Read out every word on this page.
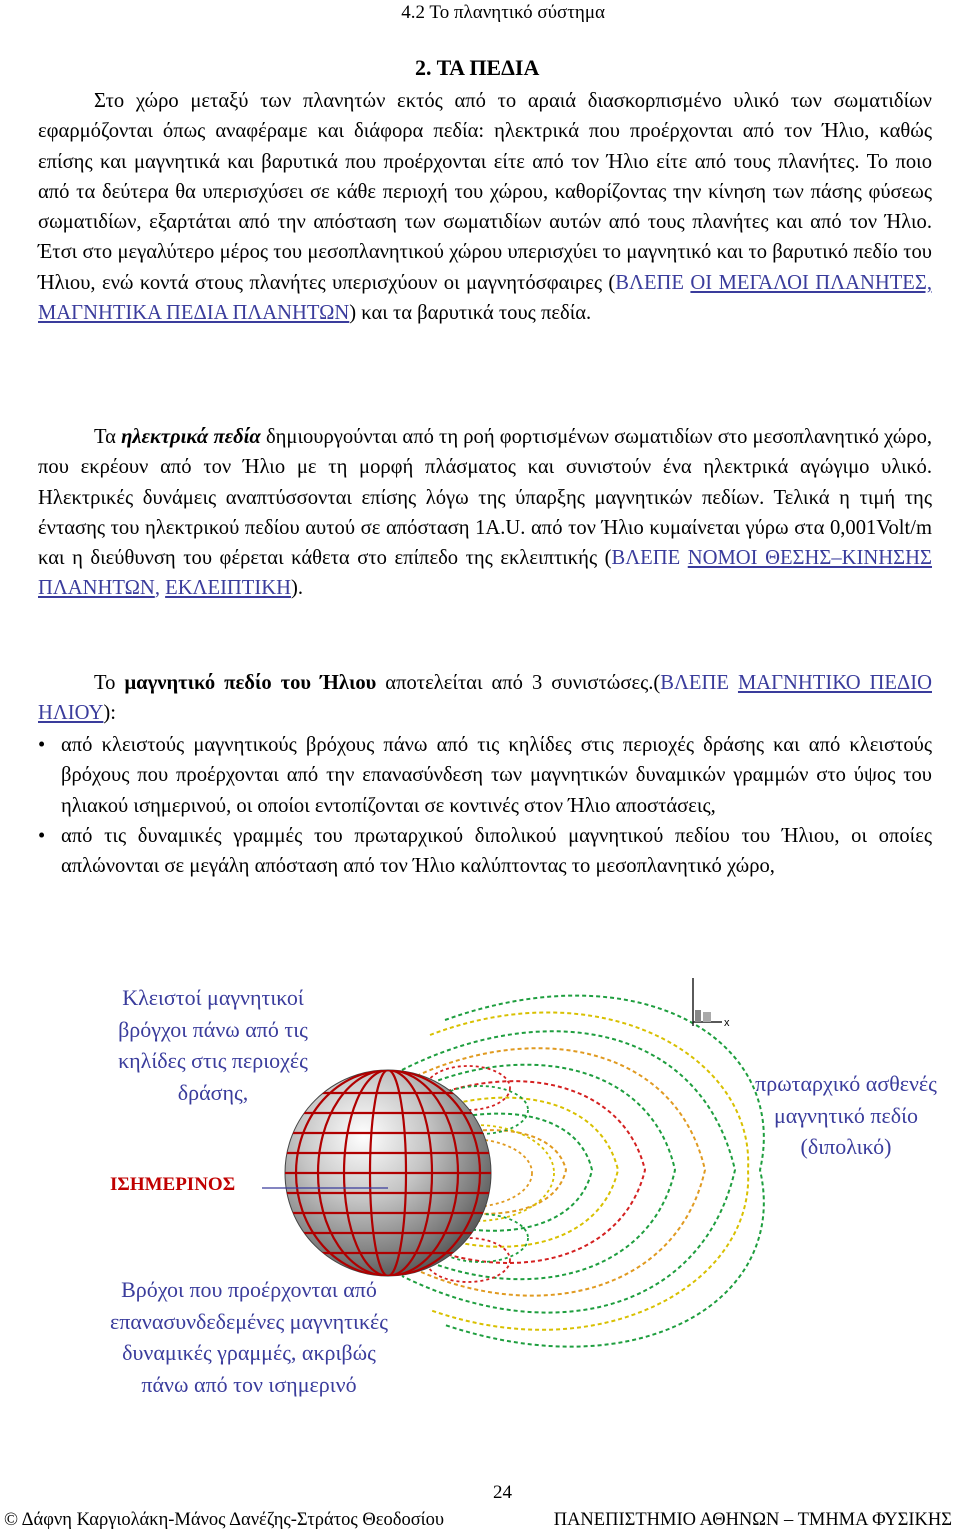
4.2 Το πλανητικό σύστημα
2. ΤΑ ΠΕΔΙΑ
Στο χώρο μεταξύ των πλανητών εκτός από το αραιά διασκορπισμένο υλικό των σωματιδίων εφαρμόζονται όπως αναφέραμε και διάφορα πεδία: ηλεκτρικά που προέρχονται από τον Ήλιο, καθώς επίσης και μαγνητικά και βαρυτικά που προέρχονται είτε από τον Ήλιο είτε από τους πλανήτες. Το ποιο από τα δεύτερα θα υπερισχύσει σε κάθε περιοχή του χώρου, καθορίζοντας την κίνηση των πάσης φύσεως σωματιδίων, εξαρτάται από την απόσταση των σωματιδίων αυτών από τους πλανήτες και από τον Ήλιο. Έτσι στο μεγαλύτερο μέρος του μεσοπλανητικού χώρου υπερισχύει το μαγνητικό και το βαρυτικό πεδίο του Ήλιου, ενώ κοντά στους πλανήτες υπερισχύουν οι μαγνητόσφαιρες (ΒΛΕΠΕ ΟΙ ΜΕΓΑΛΟΙ ΠΛΑΝΗΤΕΣ, ΜΑΓΝΗΤΙΚΑ ΠΕΔΙΑ ΠΛΑΝΗΤΩΝ) και τα βαρυτικά τους πεδία.
Τα ηλεκτρικά πεδία δημιουργούνται από τη ροή φορτισμένων σωματιδίων στο μεσοπλανητικό χώρο, που εκρέουν από τον Ήλιο με τη μορφή πλάσματος και συνιστούν ένα ηλεκτρικά αγώγιμο υλικό. Ηλεκτρικές δυνάμεις αναπτύσσονται επίσης λόγω της ύπαρξης μαγνητικών πεδίων. Τελικά η τιμή της έντασης του ηλεκτρικού πεδίου αυτού σε απόσταση 1Α.U. από τον Ήλιο κυμαίνεται γύρω στα 0,001Volt/m και η διεύθυνση του φέρεται κάθετα στο επίπεδο της εκλειπτικής (ΒΛΕΠΕ ΝΟΜΟΙ ΘΕΣΗΣ–ΚΙΝΗΣΗΣ ΠΛΑΝΗΤΩΝ, ΕΚΛΕΙΠΤΙΚΗ).
Το μαγνητικό πεδίο του Ήλιου αποτελείται από 3 συνιστώσες.(ΒΛΕΠΕ ΜΑΓΝΗΤΙΚΟ ΠΕΔΙΟ ΗΛΙΟΥ):
• από κλειστούς μαγνητικούς βρόχους πάνω από τις κηλίδες στις περιοχές δράσης και από κλειστούς βρόχους που προέρχονται από την επανασύνδεση των μαγνητικών δυναμικών γραμμών στο ύψος του ηλιακού ισημερινού, οι οποίοι εντοπίζονται σε κοντινές στον Ήλιο αποστάσεις,
• από τις δυναμικές γραμμές του πρωταρχικού διπολικού μαγνητικού πεδίου του Ήλιου, οι οποίες απλώνονται σε μεγάλη απόσταση από τον Ήλιο καλύπτοντας το μεσοπλανητικό χώρο,
x
Κλειστοί μαγνητικοί
βρόγχοι πάνω από τις
κηλίδες στις περιοχές
δράσης,
ΙΣΗΜΕΡΙΝΟΣ
πρωταρχικό ασθενές
μαγνητικό πεδίο
(διπολικό)
Βρόχοι που προέρχονται από
επανασυνδεδεμένες μαγνητικές
δυναμικές γραμμές, ακριβώς
πάνω από τον ισημερινό
24
© Δάφνη Καργιολάκη-Μάνος Δανέζης-Στράτος Θεοδοσίου	ΠΑΝΕΠΙΣΤΗΜΙΟ ΑΘΗΝΩΝ – ΤΜΗΜΑ ΦΥΣΙΚΗΣ
